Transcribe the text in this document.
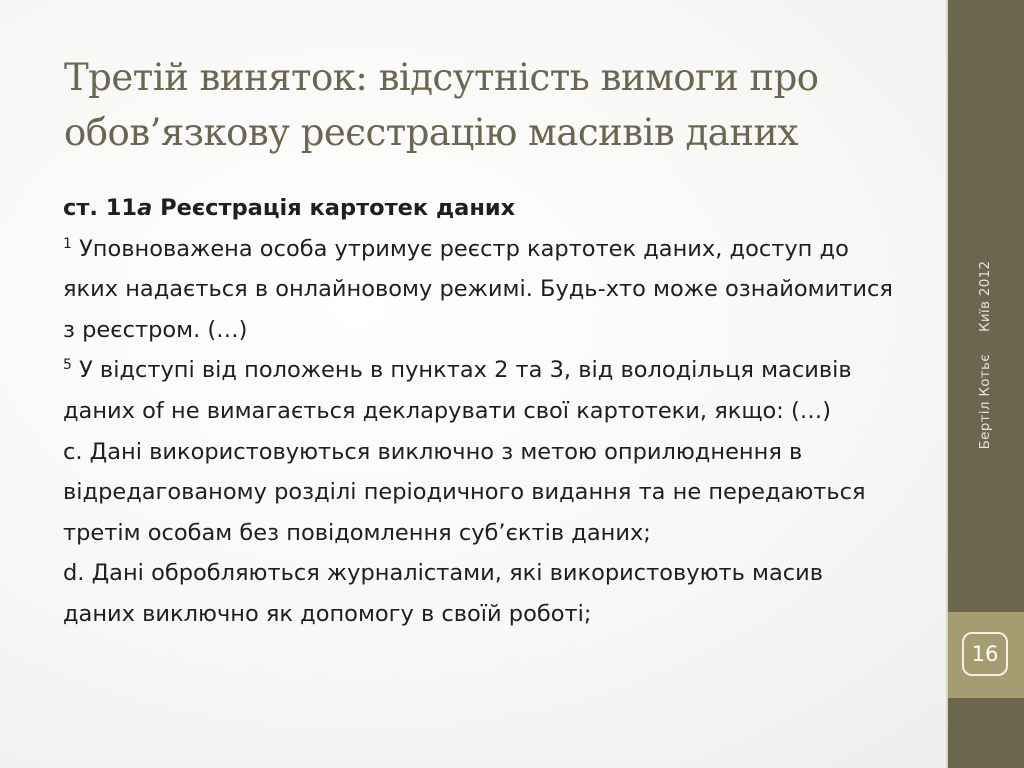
Третій виняток: відсутність вимоги про
обов’язкову реєстрацію масивів даних

ст. 11a Реєстрація картотек даних

$^1$ Уповноважена особа утримує реєстр картотек даних, доступ до яких надається в онлайновому режимі. Будь-хто може ознайомитися з реєстром. (…)

$^5$ У відступі від положень в пунктах 2 та 3, від володільця масивів даних of не вимагається декларувати свої картотеки, якщо: (…)

c. Дані використовуються виключно з метою оприлюднення в відредагованому розділі періодичного видання та не передаються третім особам без повідомлення суб’єктів даних;

d. Дані обробляються журналістами, які використовують масив даних виключно як допомогу в своїй роботі;

Бертіл КотьєКиїв 2012
16
